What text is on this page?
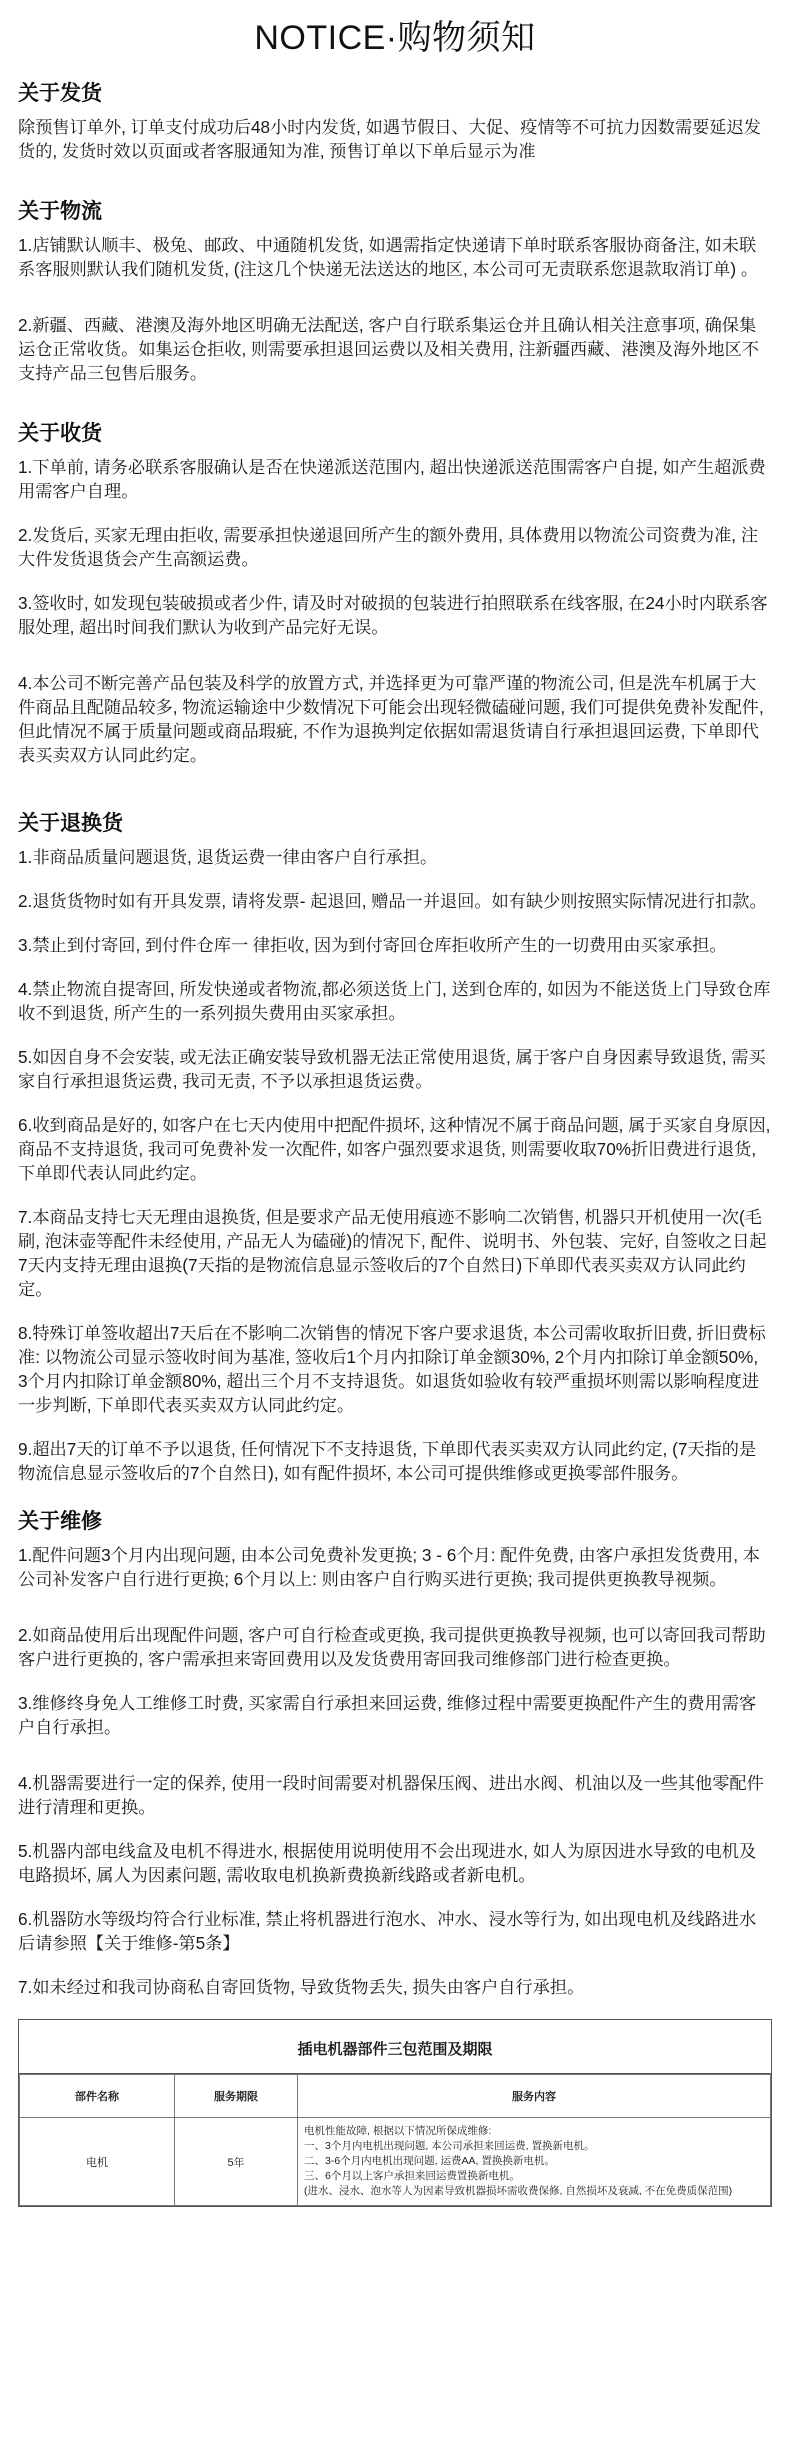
NOTICE·购物须知
关于发货

除预售订单外, 订单支付成功后48小时内发货, 如遇节假日、大促、疫情等不可抗力因数需要延迟发货的, 发货时效以页面或者客服通知为准, 预售订单以下单后显示为准

关于物流

1.店铺默认顺丰、极兔、邮政、中通随机发货, 如遇需指定快递请下单时联系客服协商备注, 如未联系客服则默认我们随机发货, (注这几个快递无法送达的地区, 本公司可无责联系您退款取消订单) 。

2.新疆、西藏、港澳及海外地区明确无法配送, 客户自行联系集运仓并且确认相关注意事项, 确保集运仓正常收货。如集运仓拒收, 则需要承担退回运费以及相关费用, 注新疆西藏、港澳及海外地区不支持产品三包售后服务。

关于收货

1.下单前, 请务必联系客服确认是否在快递派送范围内, 超出快递派送范围需客户自提, 如产生超派费用需客户自理。

2.发货后, 买家无理由拒收, 需要承担快递退回所产生的额外费用, 具体费用以物流公司资费为准, 注大件发货退货会产生高额运费。

3.签收时, 如发现包装破损或者少件, 请及时对破损的包装进行拍照联系在线客服, 在24小时内联系客服处理, 超出时间我们默认为收到产品完好无误。

4.本公司不断完善产品包装及科学的放置方式, 并选择更为可靠严谨的物流公司, 但是洗车机属于大件商品且配随品较多, 物流运输途中少数情况下可能会出现轻微磕碰问题, 我们可提供免费补发配件, 但此情况不属于质量问题或商品瑕疵, 不作为退换判定依据如需退货请自行承担退回运费, 下单即代表买卖双方认同此约定。

关于退换货

1.非商品质量问题退货, 退货运费一律由客户自行承担。

2.退货货物时如有开具发票, 请将发票- 起退回, 赠品一并退回。如有缺少则按照实际情况进行扣款。

3.禁止到付寄回, 到付件仓库一 律拒收, 因为到付寄回仓库拒收所产生的一切费用由买家承担。

4.禁止物流自提寄回, 所发快递或者物流,都必须送货上门, 送到仓库的, 如因为不能送货上门导致仓库收不到退货, 所产生的一系列损失费用由买家承担。

5.如因自身不会安装, 或无法正确安装导致机器无法正常使用退货, 属于客户自身因素导致退货, 需买家自行承担退货运费, 我司无责, 不予以承担退货运费。

6.收到商品是好的, 如客户在七天内使用中把配件损坏, 这种情况不属于商品问题, 属于买家自身原因, 商品不支持退货, 我司可免费补发一次配件, 如客户强烈要求退货, 则需要收取70%折旧费进行退货, 下单即代表认同此约定。

7.本商品支持七天无理由退换货, 但是要求产品无使用痕迹不影响二次销售, 机器只开机使用一次(毛刷, 泡沫壶等配件未经使用, 产品无人为磕碰)的情况下, 配件、说明书、外包装、完好, 自签收之日起7天内支持无理由退换(7天指的是物流信息显示签收后的7个自然日)下单即代表买卖双方认同此约定。

8.特殊订单签收超出7天后在不影响二次销售的情况下客户要求退货, 本公司需收取折旧费, 折旧费标准: 以物流公司显示签收时间为基准, 签收后1个月内扣除订单金额30%, 2个月内扣除订单金额50%, 3个月内扣除订单金额80%, 超出三个月不支持退货。如退货如验收有较严重损坏则需以影响程度进一步判断, 下单即代表买卖双方认同此约定。

9.超出7天的订单不予以退货, 任何情况下不支持退货, 下单即代表买卖双方认同此约定, (7天指的是物流信息显示签收后的7个自然日), 如有配件损坏, 本公司可提供维修或更换零部件服务。

关于维修

1.配件问题3个月内出现问题, 由本公司免费补发更换; 3 - 6个月: 配件免费, 由客户承担发货费用, 本公司补发客户自行进行更换; 6个月以上: 则由客户自行购买进行更换; 我司提供更换教导视频。

2.如商品使用后出现配件问题, 客户可自行检查或更换, 我司提供更换教导视频, 也可以寄回我司帮助客户进行更换的, 客户需承担来寄回费用以及发货费用寄回我司维修部门进行检查更换。

3.维修终身免人工维修工时费, 买家需自行承担来回运费, 维修过程中需要更换配件产生的费用需客户自行承担。

4.机器需要进行一定的保养, 使用一段时间需要对机器保压阀、进出水阀、机油以及一些其他零配件进行清理和更换。

5.机器内部电线盒及电机不得进水, 根据使用说明使用不会出现进水, 如人为原因进水导致的电机及电路损坏, 属人为因素问题, 需收取电机换新费换新线路或者新电机。

6.机器防水等级均符合行业标准, 禁止将机器进行泡水、冲水、浸水等行为, 如出现电机及线路进水后请参照【关于维修-第5条】

7.如未经过和我司协商私自寄回货物, 导致货物丢失, 损失由客户自行承担。

插电机器部件三包范围及期限
部件名称	服务期限	服务内容
电机	5年	电机性能故障, 根据以下情况所保成维修:
一、3个月内电机出现问题, 本公司承担来回运费, 置换新电机。
二、3-6个月内电机出现问题, 运费AA, 置换换新电机。
三、6个月以上客户承担来回运费置换新电机。
(进水、浸水、泡水等人为因素导致机器损坏需收费保修, 自然损坏及衰减, 不在免费质保范围)
